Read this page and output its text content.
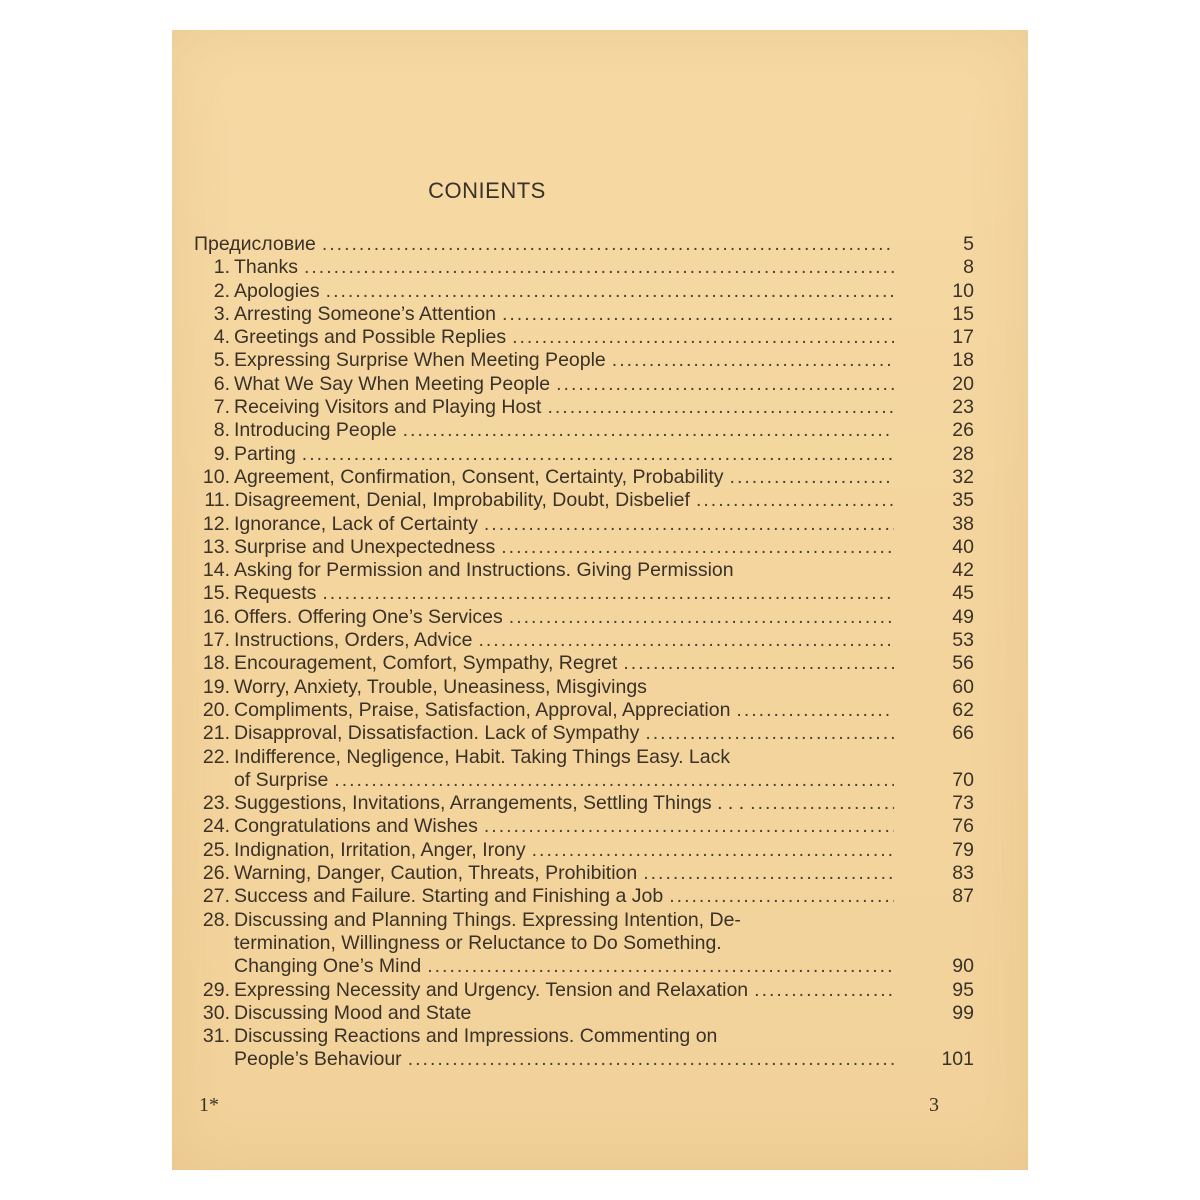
CONIENTS
Предисловие .....	5
1. Thanks .....	8
2. Apologies .....	10
3. Arresting Someone’s Attention .....	15
4. Greetings and Possible Replies .....	17
5. Expressing Surprise When Meeting People .....	18
6. What We Say When Meeting People .....	20
7. Receiving Visitors and Playing Host .....	23
8. Introducing People .....	26
9. Parting .....	28
10. Agreement, Confirmation, Consent, Certainty, Probability .....	32
11. Disagreement, Denial, Improbability, Doubt, Disbelief .....	35
12. Ignorance, Lack of Certainty .....	38
13. Surprise and Unexpectedness .....	40
14. Asking for Permission and Instructions. Giving Permission	42
15. Requests .....	45
16. Offers. Offering One’s Services .....	49
17. Instructions, Orders, Advice .....	53
18. Encouragement, Comfort, Sympathy, Regret .....	56
19. Worry, Anxiety, Trouble, Uneasiness, Misgivings	60
20. Compliments, Praise, Satisfaction, Approval, Appreciation .....	62
21. Disapproval, Dissatisfaction. Lack of Sympathy .....	66
22. Indifference, Negligence, Habit. Taking Things Easy. Lack
of Surprise .....	70
23. Suggestions, Invitations, Arrangements, Settling Things . . . .....	73
24. Congratulations and Wishes .....	76
25. Indignation, Irritation, Anger, Irony .....	79
26. Warning, Danger, Caution, Threats, Prohibition .....	83
27. Success and Failure. Starting and Finishing a Job .....	87
28. Discussing and Planning Things. Expressing Intention, De-
termination, Willingness or Reluctance to Do Something.
Changing One’s Mind .....	90
29. Expressing Necessity and Urgency. Tension and Relaxation .....	95
30. Discussing Mood and State	99
31. Discussing Reactions and Impressions. Commenting on
People’s Behaviour .....	101
1*	3
